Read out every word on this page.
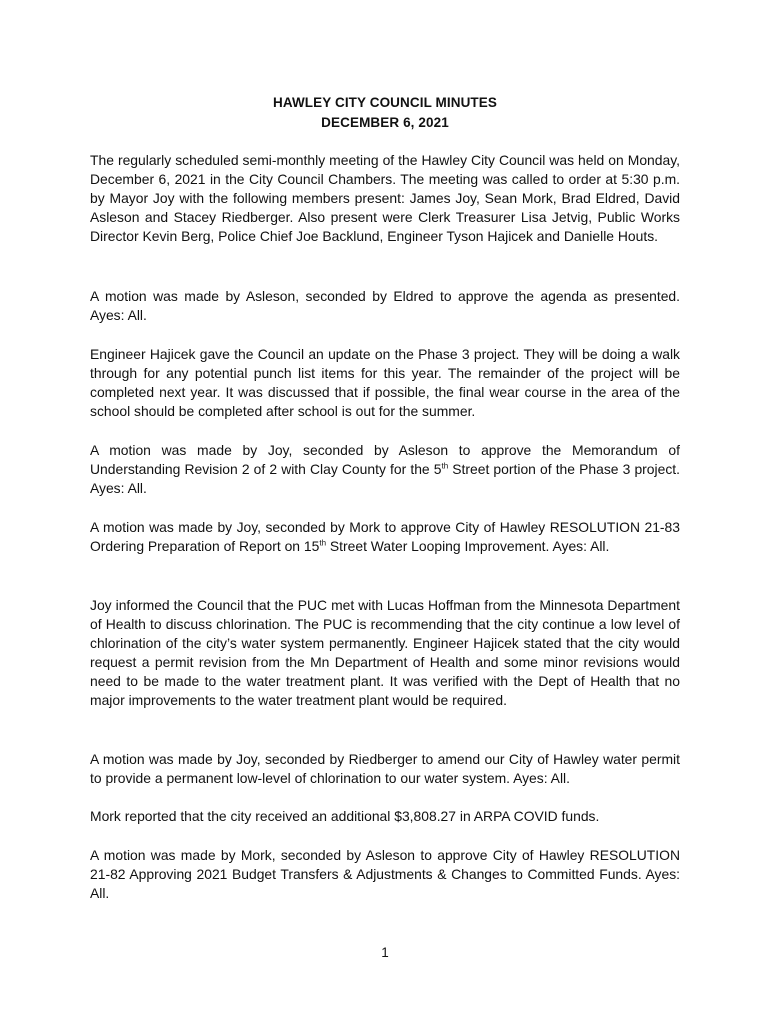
HAWLEY CITY COUNCIL MINUTES
DECEMBER 6, 2021

The regularly scheduled semi-monthly meeting of the Hawley City Council was held on Monday, December 6, 2021 in the City Council Chambers. The meeting was called to order at 5:30 p.m. by Mayor Joy with the following members present: James Joy, Sean Mork, Brad Eldred, David Asleson and Stacey Riedberger. Also present were Clerk Treasurer Lisa Jetvig, Public Works Director Kevin Berg, Police Chief Joe Backlund, Engineer Tyson Hajicek and Danielle Houts.

A motion was made by Asleson, seconded by Eldred to approve the agenda as presented. Ayes: All.

Engineer Hajicek gave the Council an update on the Phase 3 project. They will be doing a walk through for any potential punch list items for this year. The remainder of the project will be completed next year. It was discussed that if possible, the final wear course in the area of the school should be completed after school is out for the summer.

A motion was made by Joy, seconded by Asleson to approve the Memorandum of Understanding Revision 2 of 2 with Clay County for the 5th Street portion of the Phase 3 project. Ayes: All.

A motion was made by Joy, seconded by Mork to approve City of Hawley RESOLUTION 21-83 Ordering Preparation of Report on 15th Street Water Looping Improvement. Ayes: All.

Joy informed the Council that the PUC met with Lucas Hoffman from the Minnesota Department of Health to discuss chlorination. The PUC is recommending that the city continue a low level of chlorination of the city’s water system permanently. Engineer Hajicek stated that the city would request a permit revision from the Mn Department of Health and some minor revisions would need to be made to the water treatment plant. It was verified with the Dept of Health that no major improvements to the water treatment plant would be required.

A motion was made by Joy, seconded by Riedberger to amend our City of Hawley water permit to provide a permanent low-level of chlorination to our water system. Ayes: All.

Mork reported that the city received an additional $3,808.27 in ARPA COVID funds.

A motion was made by Mork, seconded by Asleson to approve City of Hawley RESOLUTION 21-82 Approving 2021 Budget Transfers & Adjustments & Changes to Committed Funds. Ayes: All.

1
